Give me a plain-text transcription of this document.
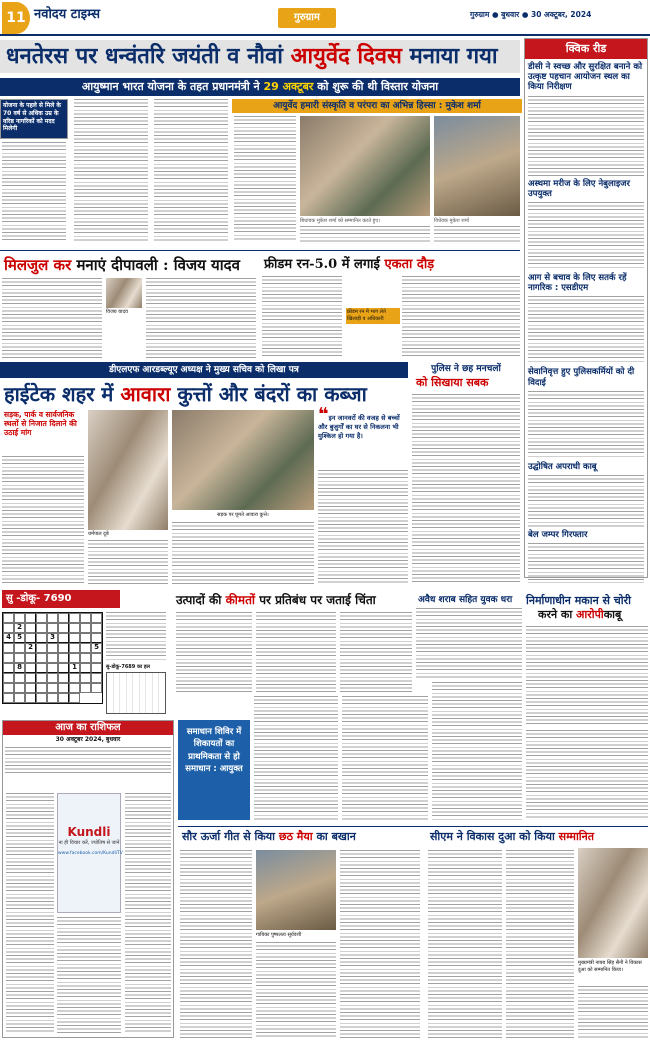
11 नवोदय टाइम्स	गुरुग्राम	गुरुग्राम ● बुधवार ● 30 अक्टूबर, 2024
धनतेरस पर धन्वंतरि जयंती व नौवां
आयुर्वेद दिवस
मनाया गया
आयुष्मान भारत योजना के तहत प्रधानमंत्री ने
29 अक्टूबर
को शुरू की थी विस्तार योजना
योजना के पहले से मिले के 70 वर्ष से अधिक उम्र के वरिष्ठ नागरिकों को मदद मिलेगी
आयुर्वेद हमारी संस्कृति व परंपरा का अभिन्न हिस्सा : मुकेश शर्मा
बिधायक मुकेश शर्मा को सम्मानित करते हुए।	विधेयक मुकेश शर्मा
क्विक रीड
डीसी ने स्वच्छ और सुरक्षित बनाने को उत्कृष्ट पहचान आयोजन स्थल का किया निरीक्षण
अस्थमा मरीज के लिए नेबुलाइजर उपयुक्त
आग से बचाव के लिए सतर्क रहें नागरिक : एसडीएम
सेवानिवृत्त हुए पुलिसकर्मियों को दी विदाई
उद्घोषित अपराधी काबू
बेल जम्पर गिरफ्तार
मिलजुल कर मनाएं दीपावली : विजय यादव
विजय यादव
फ्रीडम रन-5.0 में लगाई एकता दौड़
फ्रीडम रन में भाग लेते खिलाड़ी व अधिकारी
डीएलएफ आरडब्ल्यूए अध्यक्ष ने मुख्य सचिव को लिखा पत्र
हाईटेक शहर में आवारा कुत्तों और बंदरों का कब्जा
सड़क, पार्क व सार्वजनिक स्थलों से निजात दिलाने की उठाई मांग
धर्मपाल दूबे
सड़क पर घूमते आवारा कुत्ते।
❝इन जानवरों की वजह से बच्चों और बुजुर्गों का घर से निकलना भी मुश्किल हो गया है।
पुलिस ने छह मनचलों
को सिखाया सबक
सु
-डोकू- 7690
2
4 5	3
2	5
8	1	सु-डोकू-7689 का हल
उत्पादों की कीमतों पर प्रतिबंध पर जताई चिंता	अवैध शराब सहित युवक धरा निर्माणाधीन मकान से चोरी
करने का आरोपीकाबू
आज का राशिफल
30 अक्टूबर 2024, बुधवार
Kundli
ना ही विचार करें, ज्योतिष से जानें
www.facebook.com/KundliTV
समाधान शिविर में शिकायतों का प्राथमिकता से हो समाधान : आयुक्त
सौर ऊर्जा गीत से किया छठ मैया का बखान
गायिका पुष्पलता सूर्यवंशी
सीएम ने विकास दुआ को किया सम्मानित
मुख्यमंत्री नायब सिंह सैनी ने विकास दुआ को सम्मानित किया।
